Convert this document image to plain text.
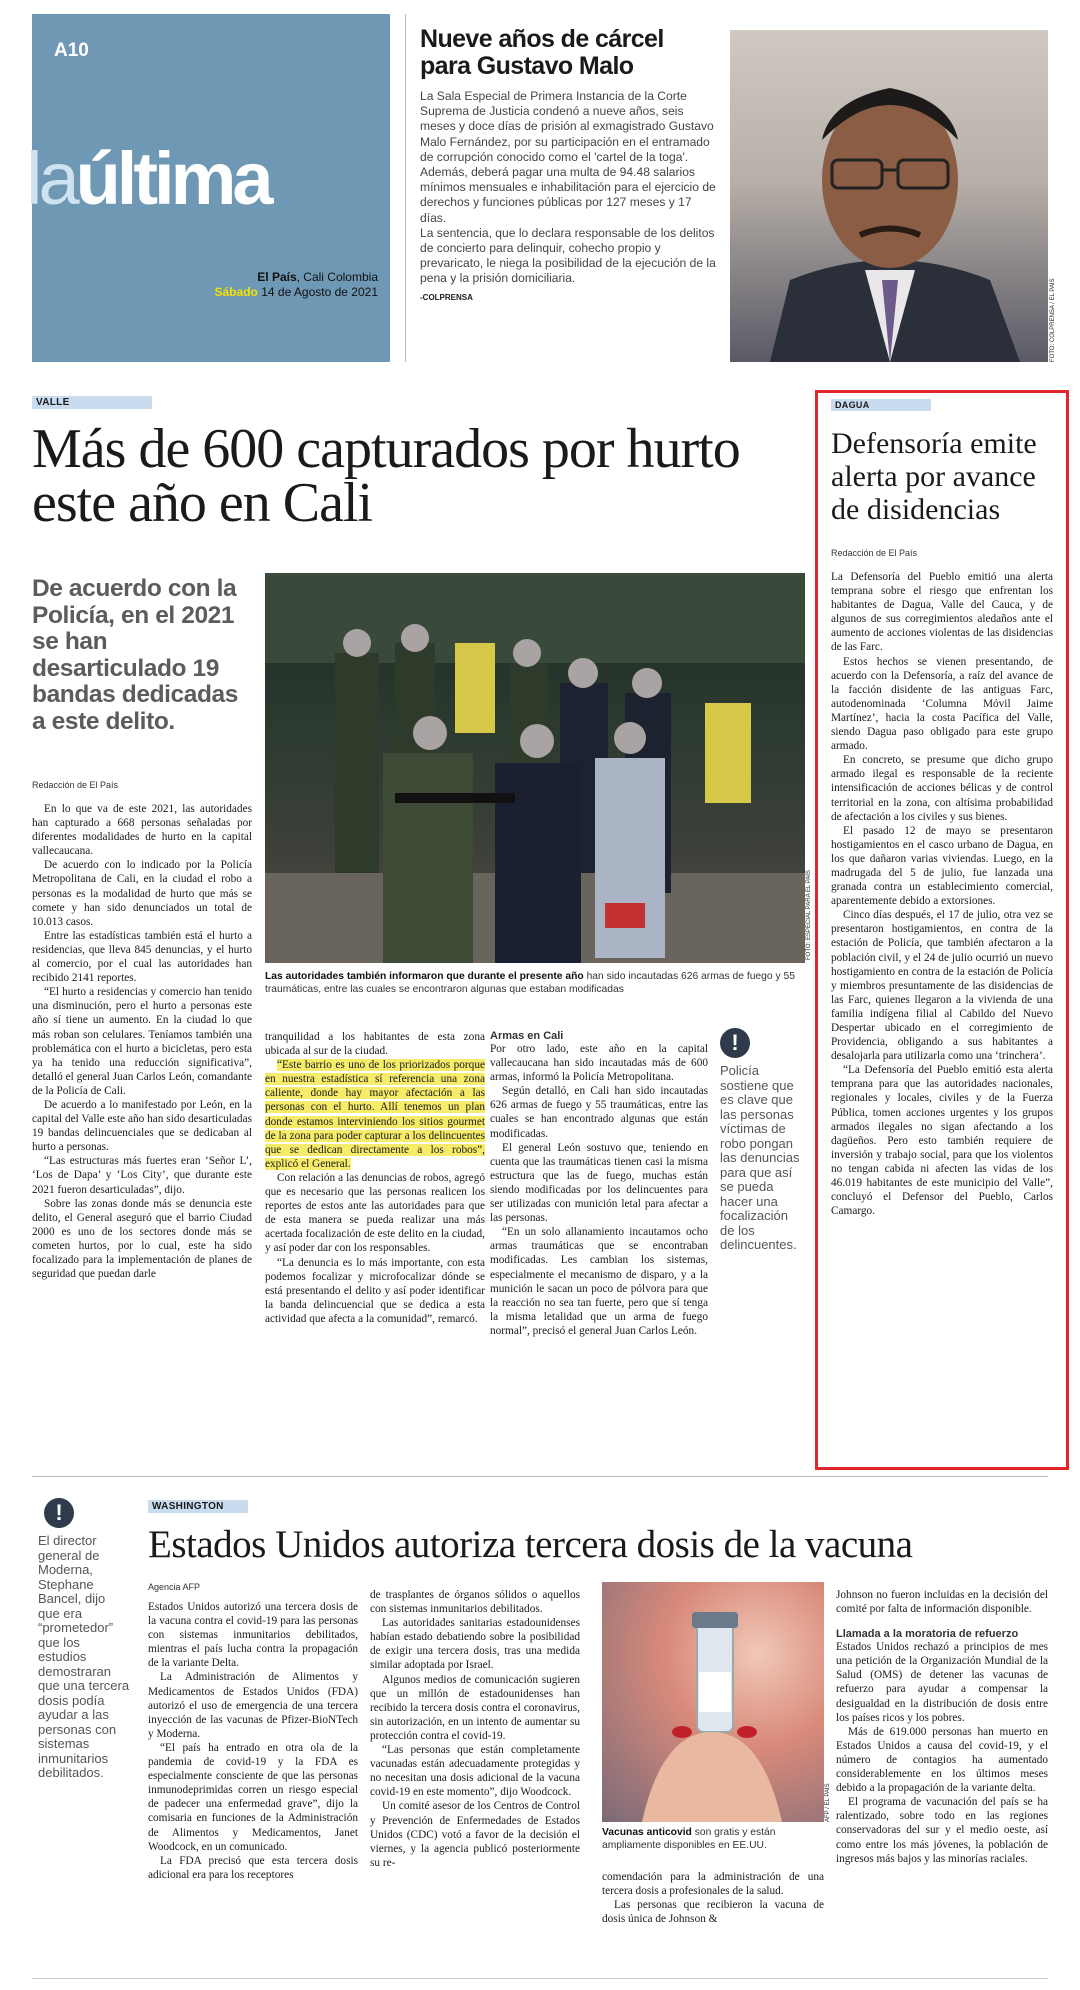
A10
laúltima
El País, Cali Colombia
Sábado 14 de Agosto de 2021
Nueve años de cárcel para Gustavo Malo

La Sala Especial de Primera Instancia de la Corte Suprema de Justicia condenó a nueve años, seis meses y doce días de prisión al exmagistrado Gustavo Malo Fernández, por su participación en el entramado de corrupción conocido como el 'cartel de la toga'. Además, deberá pagar una multa de 94.48 salarios mínimos mensuales e inhabilitación para el ejercicio de derechos y funciones públicas por 127 meses y 17 días.

La sentencia, que lo declara responsable de los delitos de concierto para delinquir, cohecho propio y prevaricato, le niega la posibilidad de la ejecución de la pena y la prisión domiciliaria.

-COLPRENSA	FOTO: COLPRENSA / EL PAÍS
VALLE
Más de 600 capturados por hurto este año en Cali
De acuerdo con la Policía, en el 2021 se han desarticulado 19 bandas dedicadas a este delito.
FOTO: ESPECIAL PARA EL PAÍS
Las autoridades también informaron que durante el presente año han sido incautadas 626 armas de fuego y 55 traumáticas, entre las cuales se encontraron algunas que estaban modificadas
Redacción de El País

En lo que va de este 2021, las autoridades han capturado a 668 personas señaladas por diferentes modalidades de hurto en la capital vallecaucana.

De acuerdo con lo indicado por la Policía Metropolitana de Cali, en la ciudad el robo a personas es la modalidad de hurto que más se comete y han sido denunciados un total de 10.013 casos.

Entre las estadísticas también está el hurto a residencias, que lleva 845 denuncias, y el hurto al comercio, por el cual las autoridades han recibido 2141 reportes.

“El hurto a residencias y comercio han tenido una disminución, pero el hurto a personas este año sí tiene un aumento. En la ciudad lo que más roban son celulares. Teníamos también una problemática con el hurto a bicicletas, pero esta ya ha tenido una reducción significativa”, detalló el general Juan Carlos León, comandante de la Policía de Cali.

De acuerdo a lo manifestado por León, en la capital del Valle este año han sido desarticuladas 19 bandas delincuenciales que se dedicaban al hurto a personas.

“Las estructuras más fuertes eran ‘Señor L’, ‘Los de Dapa’ y ‘Los City’, que durante este 2021 fueron desarticuladas”, dijo.

Sobre las zonas donde más se denuncia este delito, el General aseguró que el barrio Ciudad 2000 es uno de los sectores donde más se cometen hurtos, por lo cual, este ha sido focalizado para la implementación de planes de seguridad que puedan darle

tranquilidad a los habitantes de esta zona ubicada al sur de la ciudad.

“Este barrio es uno de los priorizados porque en nuestra estadística sí referencia una zona caliente, donde hay mayor afectación a las personas con el hurto. Allí tenemos un plan donde estamos interviniendo los sitios gourmet de la zona para poder capturar a los delincuentes que se dedican directamente a los robos”, explicó el General.

Con relación a las denuncias de robos, agregó que es necesario que las personas realicen los reportes de estos ante las autoridades para que de esta manera se pueda realizar una más acertada focalización de este delito en la ciudad, y así poder dar con los responsables.

“La denuncia es lo más importante, con esta podemos focalizar y microfocalizar dónde se está presentando el delito y así poder identificar la banda delincuencial que se dedica a esta actividad que afecta a la comunidad”, remarcó.

Armas en Cali

Por otro lado, este año en la capital vallecaucana han sido incautadas más de 600 armas, informó la Policía Metropolitana.

Según detalló, en Cali han sido incautadas 626 armas de fuego y 55 traumáticas, entre las cuales se han encontrado algunas que están modificadas.

El general León sostuvo que, teniendo en cuenta que las traumáticas tienen casi la misma estructura que las de fuego, muchas están siendo modificadas por los delincuentes para ser utilizadas con munición letal para afectar a las personas.

“En un solo allanamiento incautamos ocho armas traumáticas que se encontraban modificadas. Les cambian los sistemas, especialmente el mecanismo de disparo, y a la munición le sacan un poco de pólvora para que la reacción no sea tan fuerte, pero que sí tenga la misma letalidad que un arma de fuego normal”, precisó el general Juan Carlos León.

!
Policía sostiene que es clave que las personas víctimas de robo pongan las denuncias para que así se pueda hacer una focalización de los delincuentes.
DAGUA
Defensoría emite alerta por avance de disidencias
Redacción de El País

La Defensoría del Pueblo emitió una alerta temprana sobre el riesgo que enfrentan los habitantes de Dagua, Valle del Cauca, y de algunos de sus corregimientos aledaños ante el aumento de acciones violentas de las disidencias de las Farc.

Estos hechos se vienen presentando, de acuerdo con la Defensoría, a raíz del avance de la facción disidente de las antiguas Farc, autodenominada ‘Columna Móvil Jaime Martínez’, hacia la costa Pacífica del Valle, siendo Dagua paso obligado para este grupo armado.

En concreto, se presume que dicho grupo armado ilegal es responsable de la reciente intensificación de acciones bélicas y de control territorial en la zona, con altísima probabilidad de afectación a los civiles y sus bienes.

El pasado 12 de mayo se presentaron hostigamientos en el casco urbano de Dagua, en los que dañaron varias viviendas. Luego, en la madrugada del 5 de julio, fue lanzada una granada contra un establecimiento comercial, aparentemente debido a extorsiones.

Cinco días después, el 17 de julio, otra vez se presentaron hostigamientos, en contra de la estación de Policía, que también afectaron a la población civil, y el 24 de julio ocurrió un nuevo hostigamiento en contra de la estación de Policía y miembros presuntamente de las disidencias de las Farc, quienes llegaron a la vivienda de una familia indígena filial al Cabildo del Nuevo Despertar ubicado en el corregimiento de Providencia, obligando a sus habitantes a desalojarla para utilizarla como una ‘trinchera’.

“La Defensoría del Pueblo emitió esta alerta temprana para que las autoridades nacionales, regionales y locales, civiles y de la Fuerza Pública, tomen acciones urgentes y los grupos armados ilegales no sigan afectando a los dagüeños. Pero esto también requiere de inversión y trabajo social, para que los violentos no tengan cabida ni afecten las vidas de los 46.019 habitantes de este municipio del Valle”, concluyó el Defensor del Pueblo, Carlos Camargo.

!
El director general de Moderna, Stephane Bancel, dijo que era “prometedor” que los estudios demostraran que una tercera dosis podía ayudar a las personas con sistemas inmunitarios debilitados.
WASHINGTON
Estados Unidos autoriza tercera dosis de la vacuna
Agencia AFP

Estados Unidos autorizó una tercera dosis de la vacuna contra el covid-19 para las personas con sistemas inmunitarios debilitados, mientras el país lucha contra la propagación de la variante Delta.

La Administración de Alimentos y Medicamentos de Estados Unidos (FDA) autorizó el uso de emergencia de una tercera inyección de las vacunas de Pfizer-BioNTech y Moderna.

“El país ha entrado en otra ola de la pandemia de covid-19 y la FDA es especialmente consciente de que las personas inmunodeprimidas corren un riesgo especial de padecer una enfermedad grave”, dijo la comisaria en funciones de la Administración de Alimentos y Medicamentos, Janet Woodcock, en un comunicado.

La FDA precisó que esta tercera dosis adicional era para los receptores

de trasplantes de órganos sólidos o aquellos con sistemas inmunitarios debilitados.

Las autoridades sanitarias estadounidenses habían estado debatiendo sobre la posibilidad de exigir una tercera dosis, tras una medida similar adoptada por Israel.

Algunos medios de comunicación sugieren que un millón de estadounidenses han recibido la tercera dosis contra el coronavirus, sin autorización, en un intento de aumentar su protección contra el covid-19.

“Las personas que están completamente vacunadas están adecuadamente protegidas y no necesitan una dosis adicional de la vacuna covid-19 en este momento”, dijo Woodcock.

Un comité asesor de los Centros de Control y Prevención de Enfermedades de Estados Unidos (CDC) votó a favor de la decisión el viernes, y la agencia publicó posteriormente su re-

AFP / EL PAÍS
Vacunas anticovid son gratis y están ampliamente disponibles en EE.UU.

comendación para la administración de una tercera dosis a profesionales de la salud.

Las personas que recibieron la vacuna de dosis única de Johnson &

Johnson no fueron incluidas en la decisión del comité por falta de información disponible.

Llamada a la moratoria de refuerzo

Estados Unidos rechazó a principios de mes una petición de la Organización Mundial de la Salud (OMS) de detener las vacunas de refuerzo para ayudar a compensar la desigualdad en la distribución de dosis entre los países ricos y los pobres.

Más de 619.000 personas han muerto en Estados Unidos a causa del covid-19, y el número de contagios ha aumentado considerablemente en los últimos meses debido a la propagación de la variante delta.

El programa de vacunación del país se ha ralentizado, sobre todo en las regiones conservadoras del sur y el medio oeste, así como entre los más jóvenes, la población de ingresos más bajos y las minorías raciales.
